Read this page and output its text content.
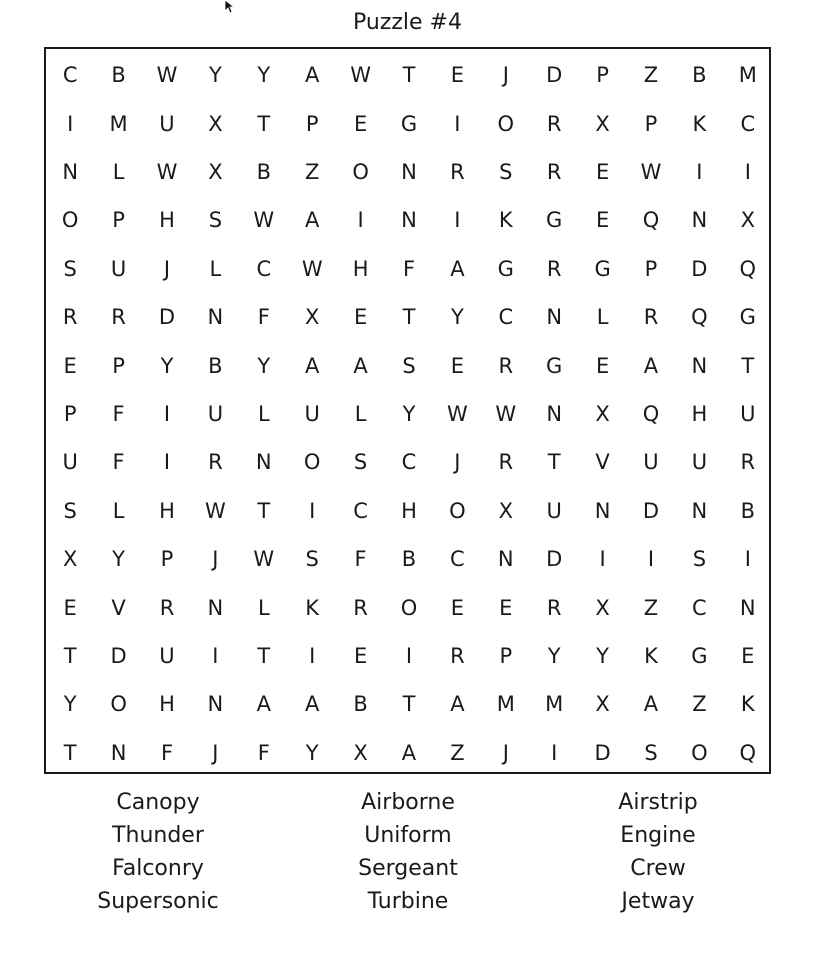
Puzzle #4
C	B	W	Y	Y	A	W	T	E	J	D	P	Z	B	M
I	M	U	X	T	P	E	G	I	O	R	X	P	K	C
N	L	W	X	B	Z	O	N	R	S	R	E	W	I	I
O	P	H	S	W	A	I	N	I	K	G	E	Q	N	X
S	U	J	L	C	W	H	F	A	G	R	G	P	D	Q
R	R	D	N	F	X	E	T	Y	C	N	L	R	Q	G
E	P	Y	B	Y	A	A	S	E	R	G	E	A	N	T
P	F	I	U	L	U	L	Y	W	W	N	X	Q	H	U
U	F	I	R	N	O	S	C	J	R	T	V	U	U	R
S	L	H	W	T	I	C	H	O	X	U	N	D	N	B
X	Y	P	J	W	S	F	B	C	N	D	I	I	S	I
E	V	R	N	L	K	R	O	E	E	R	X	Z	C	N
T	D	U	I	T	I	E	I	R	P	Y	Y	K	G	E
Y	O	H	N	A	A	B	T	A	M	M	X	A	Z	K
T	N	F	J	F	Y	X	A	Z	J	I	D	S	O	Q
Canopy
Thunder
Falconry
Supersonic
Airborne
Uniform
Sergeant
Turbine
Airstrip
Engine
Crew
Jetway
